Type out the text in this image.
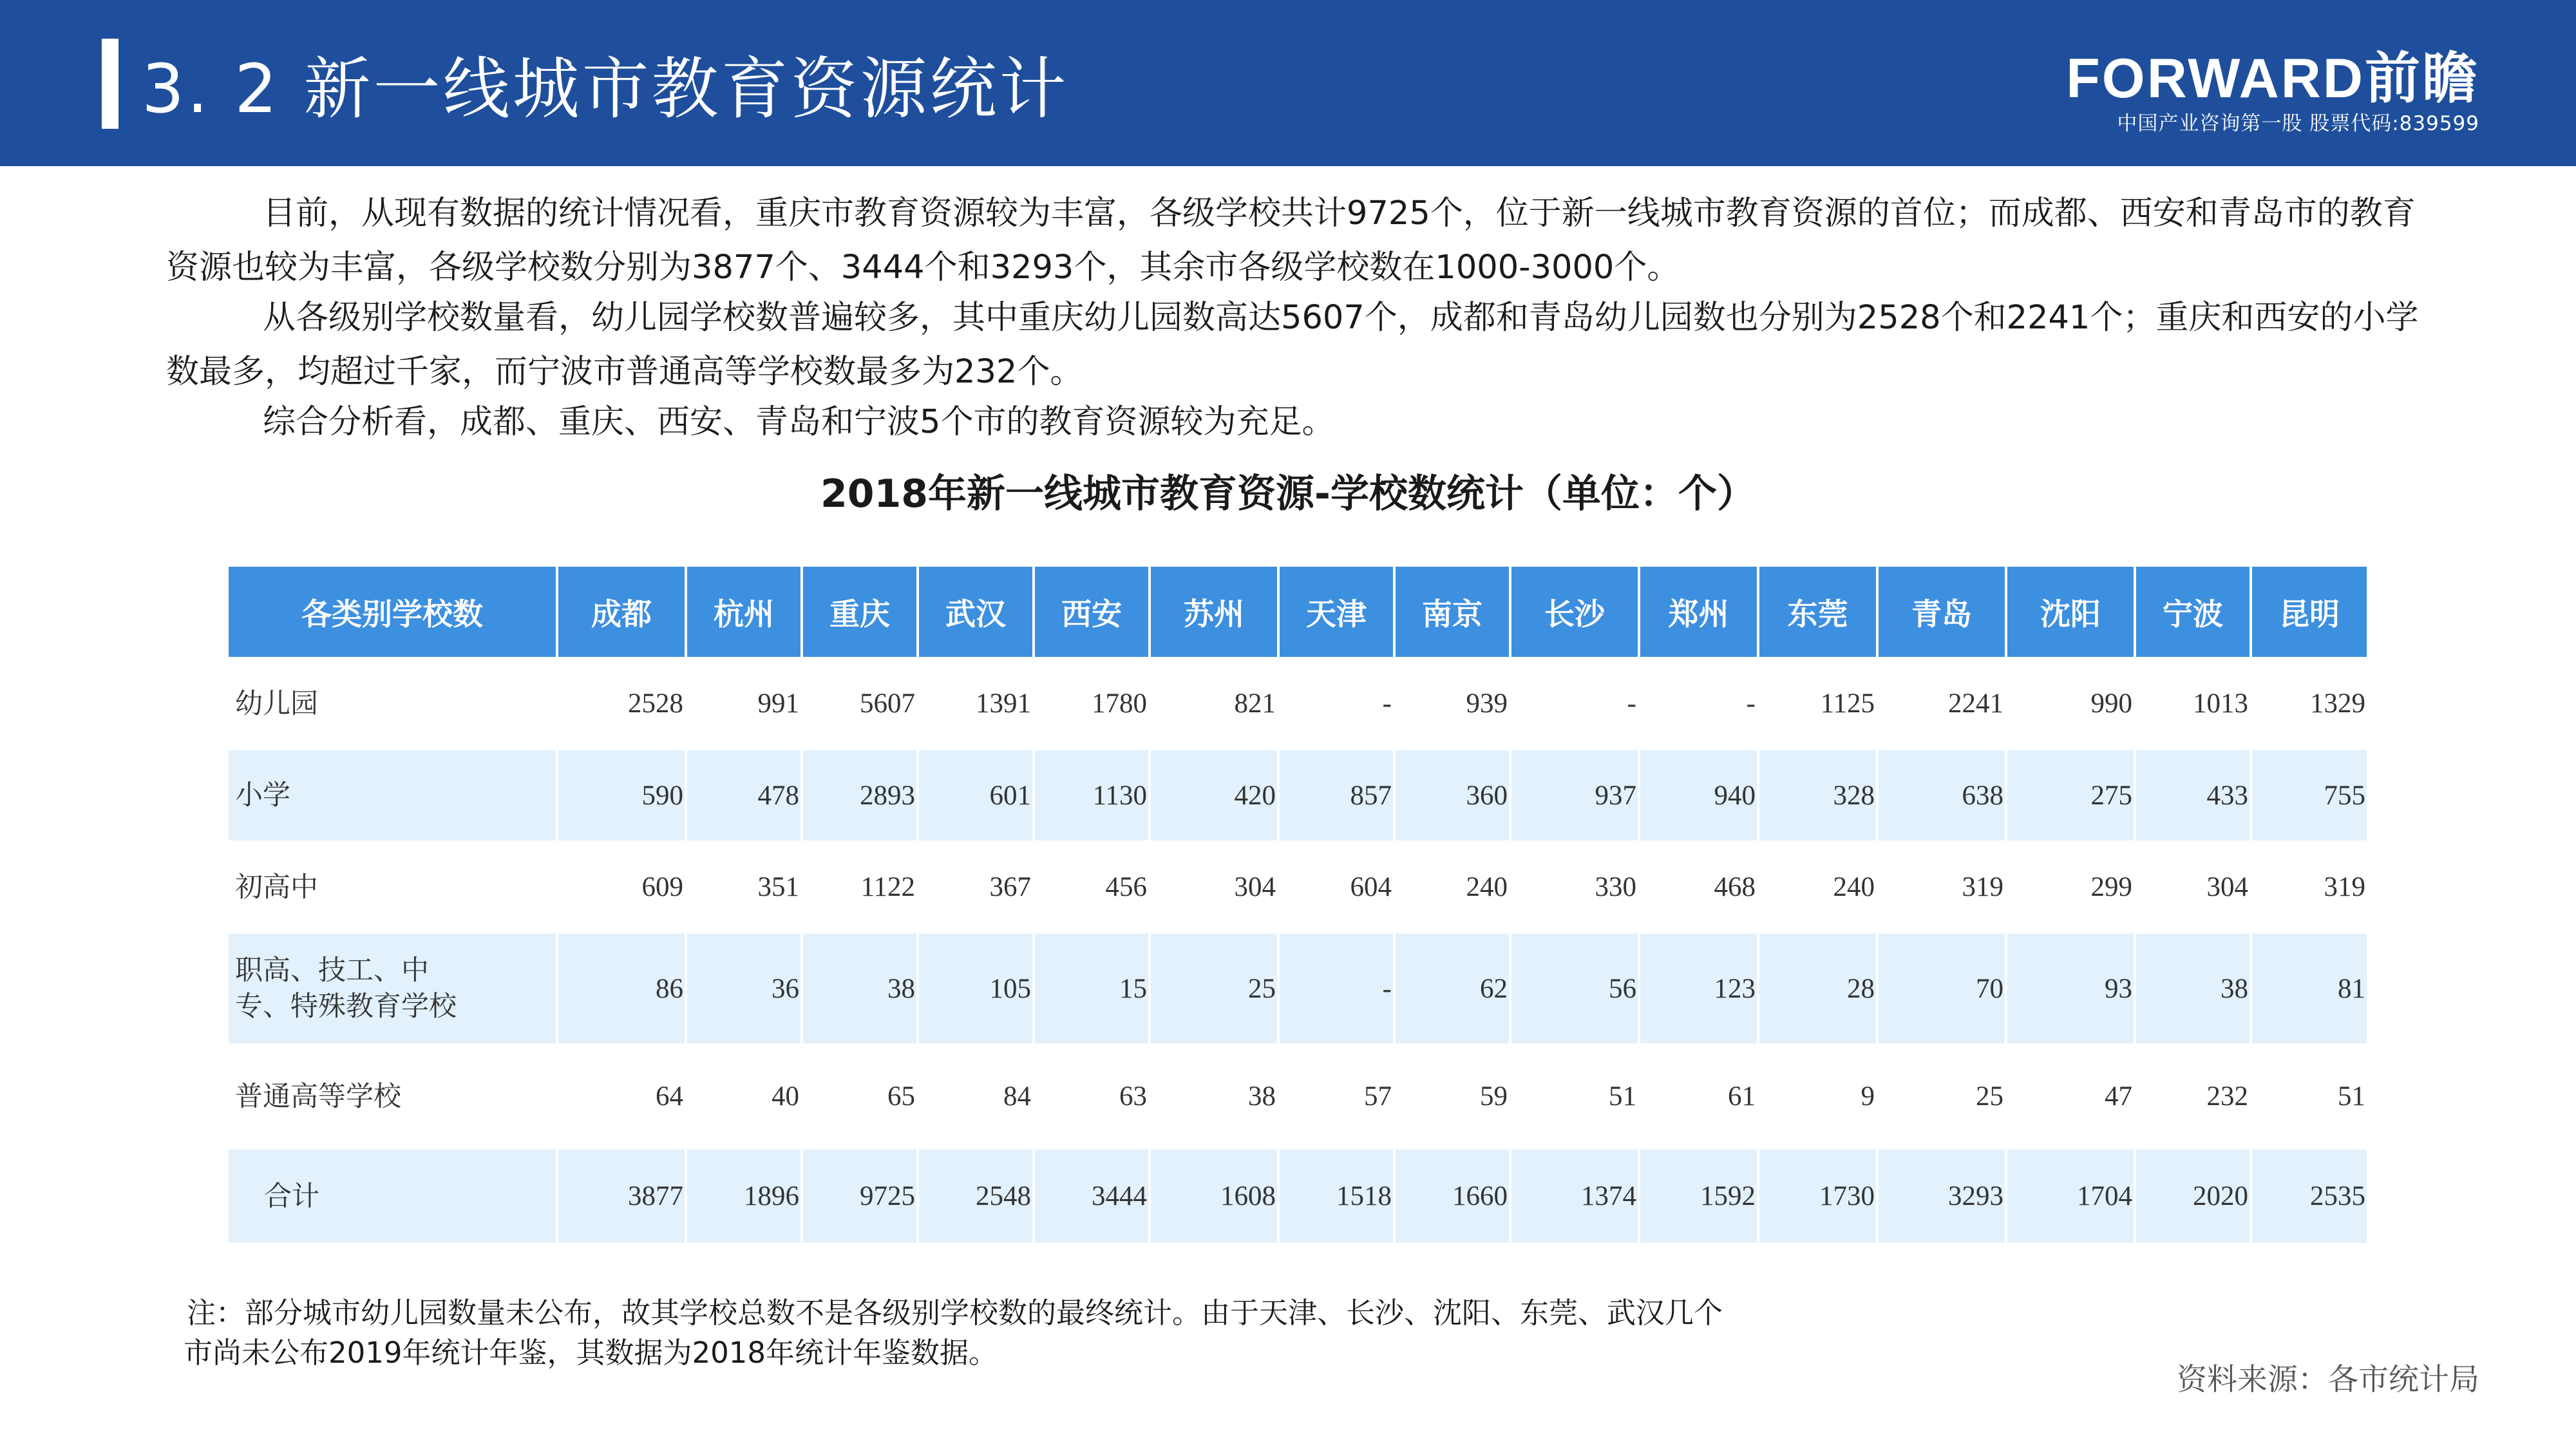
3. 2 新一线城市教育资源统计	FORWARD前瞻
中国产业咨询第一股 股票代码:839599
目前，从现有数据的统计情况看，重庆市教育资源较为丰富，各级学校共计9725个，位于新一线城市教育资源的首位；而成都、西安和青岛市的教育资源也较为丰富，各级学校数分别为3877个、3444个和3293个，其余市各级学校数在1000-3000个。
从各级别学校数量看，幼儿园学校数普遍较多，其中重庆幼儿园数高达5607个，成都和青岛幼儿园数也分别为2528个和2241个；重庆和西安的小学数最多，均超过千家，而宁波市普通高等学校数最多为232个。
综合分析看，成都、重庆、西安、青岛和宁波5个市的教育资源较为充足。
2018年新一线城市教育资源-学校数统计（单位：个）
各类别学校数	成都	杭州	重庆	武汉	西安	苏州	天津	南京	长沙	郑州	东莞	青岛	沈阳	宁波	昆明
幼儿园	2528	991	5607	1391	1780	821	-	939	-	-	1125	2241	990	1013	1329
小学	590	478	2893	601	1130	420	857	360	937	940	328	638	275	433	755
初高中	609	351	1122	367	456	304	604	240	330	468	240	319	299	304	319
职高、技工、中专、特殊教育学校	86	36	38	105	15	25	-	62	56	123	28	70	93	38	81
普通高等学校	64	40	65	84	63	38	57	59	51	61	9	25	47	232	51
合计	3877	1896	9725	2548	3444	1608	1518	1660	1374	1592	1730	3293	1704	2020	2535
注：部分城市幼儿园数量未公布，故其学校总数不是各级别学校数的最终统计。由于天津、长沙、沈阳、东莞、武汉几个
市尚未公布2019年统计年鉴，其数据为2018年统计年鉴数据。
资料来源：各市统计局
